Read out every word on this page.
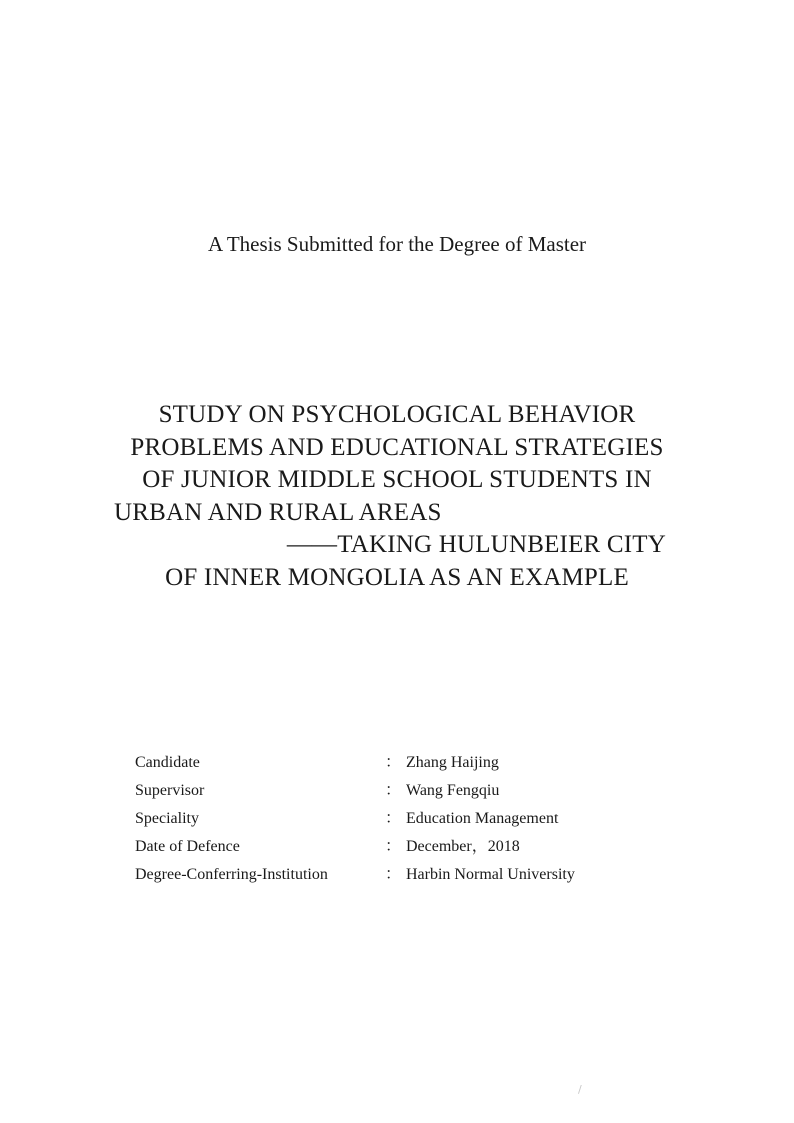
A Thesis Submitted for the Degree of Master
STUDY ON PSYCHOLOGICAL BEHAVIOR
PROBLEMS AND EDUCATIONAL STRATEGIES
OF JUNIOR MIDDLE SCHOOL STUDENTS IN
URBAN AND RURAL AREAS
——TAKING HULUNBEIER CITY
OF INNER MONGOLIA AS AN EXAMPLE
Candidate	： Zhang Haijing
Supervisor	： Wang Fengqiu
Speciality	： Education Management
Date of Defence	： December，2018
Degree-Conferring-Institution	： Harbin Normal University
/
